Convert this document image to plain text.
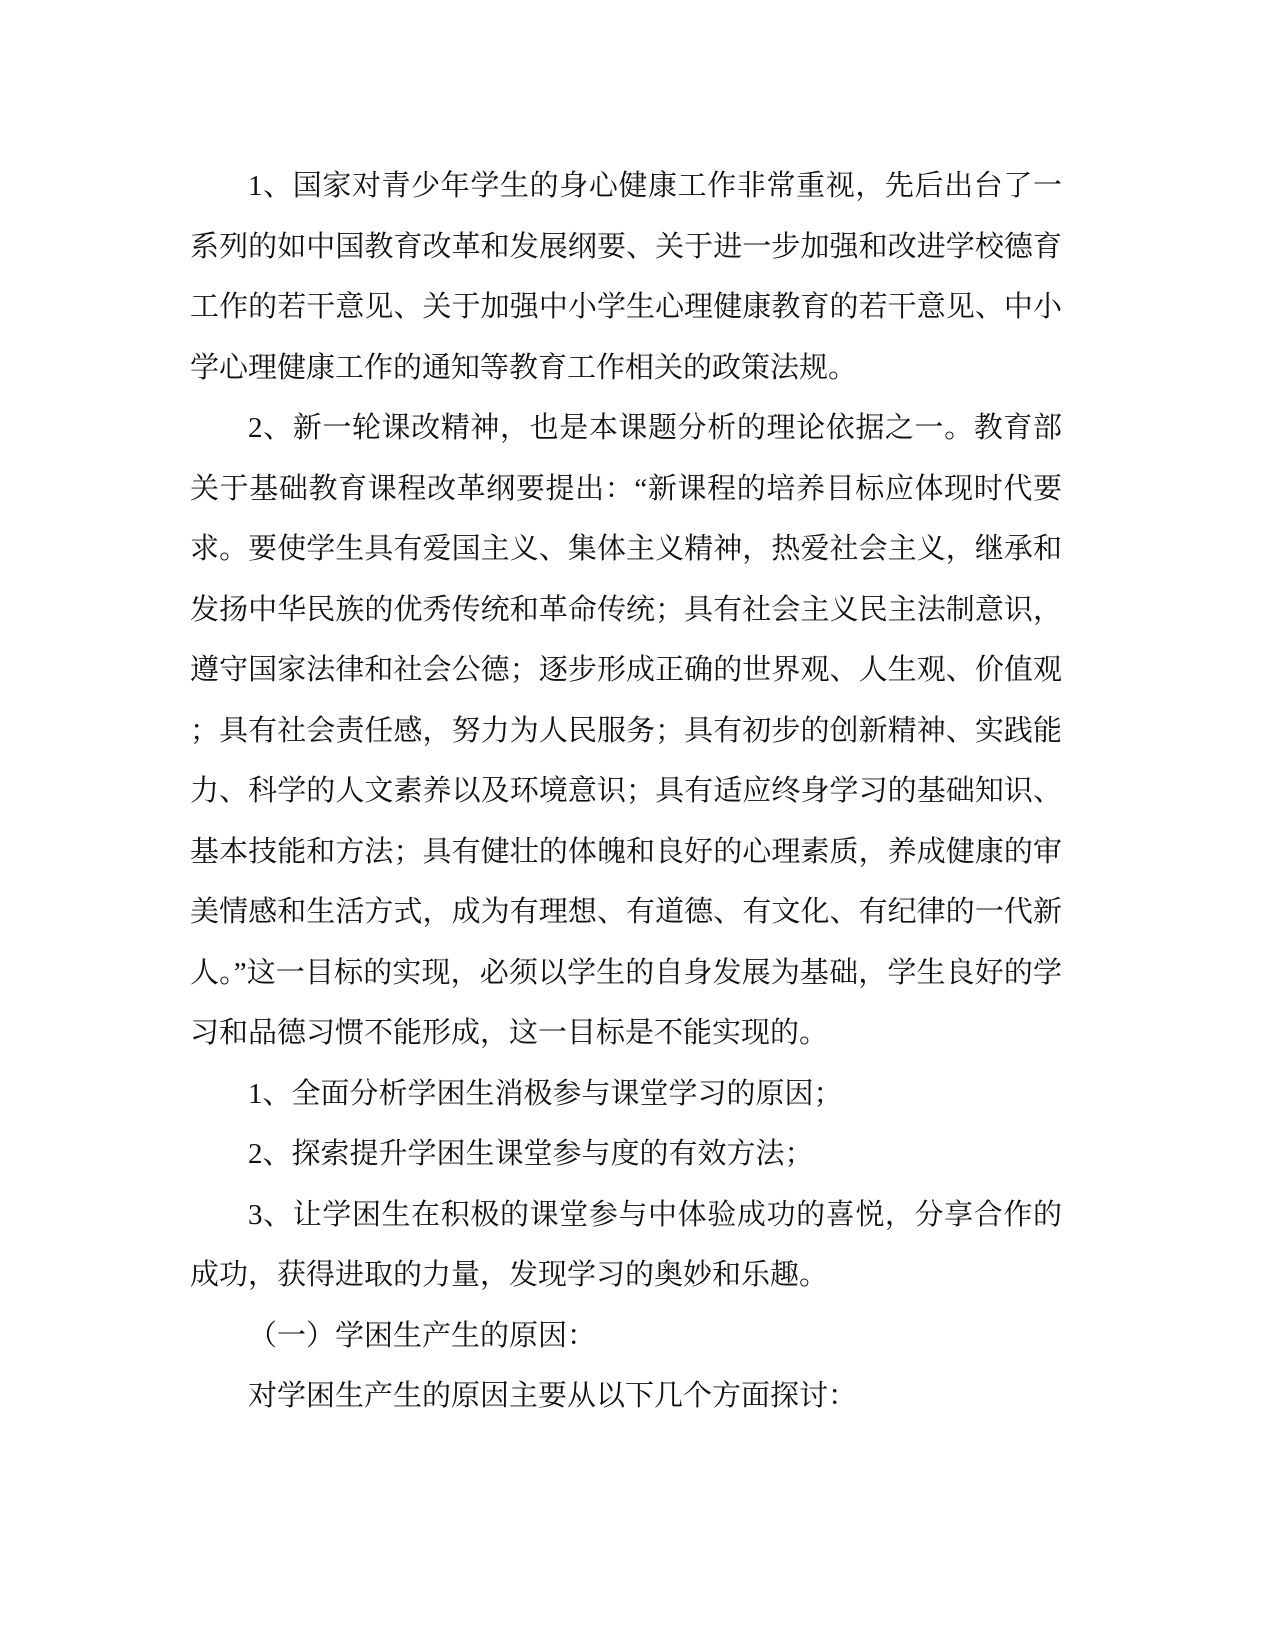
1、国家对青少年学生的身心健康工作非常重视，先后出台了一系列的如中国教育改革和发展纲要、关于进一步加强和改进学校德育工作的若干意见、关于加强中小学生心理健康教育的若干意见、中小学心理健康工作的通知等教育工作相关的政策法规。

2、新一轮课改精神，也是本课题分析的理论依据之一。教育部关于基础教育课程改革纲要提出：“新课程的培养目标应体现时代要求。要使学生具有爱国主义、集体主义精神，热爱社会主义，继承和发扬中华民族的优秀传统和革命传统；具有社会主义民主法制意识，遵守国家法律和社会公德；逐步形成正确的世界观、人生观、价值观；具有社会责任感，努力为人民服务；具有初步的创新精神、实践能力、科学的人文素养以及环境意识；具有适应终身学习的基础知识、基本技能和方法；具有健壮的体魄和良好的心理素质，养成健康的审美情感和生活方式，成为有理想、有道德、有文化、有纪律的一代新人。”这一目标的实现，必须以学生的自身发展为基础，学生良好的学习和品德习惯不能形成，这一目标是不能实现的。

1、全面分析学困生消极参与课堂学习的原因；

2、探索提升学困生课堂参与度的有效方法；

3、让学困生在积极的课堂参与中体验成功的喜悦，分享合作的成功，获得进取的力量，发现学习的奥妙和乐趣。

（一）学困生产生的原因：

对学困生产生的原因主要从以下几个方面探讨：
